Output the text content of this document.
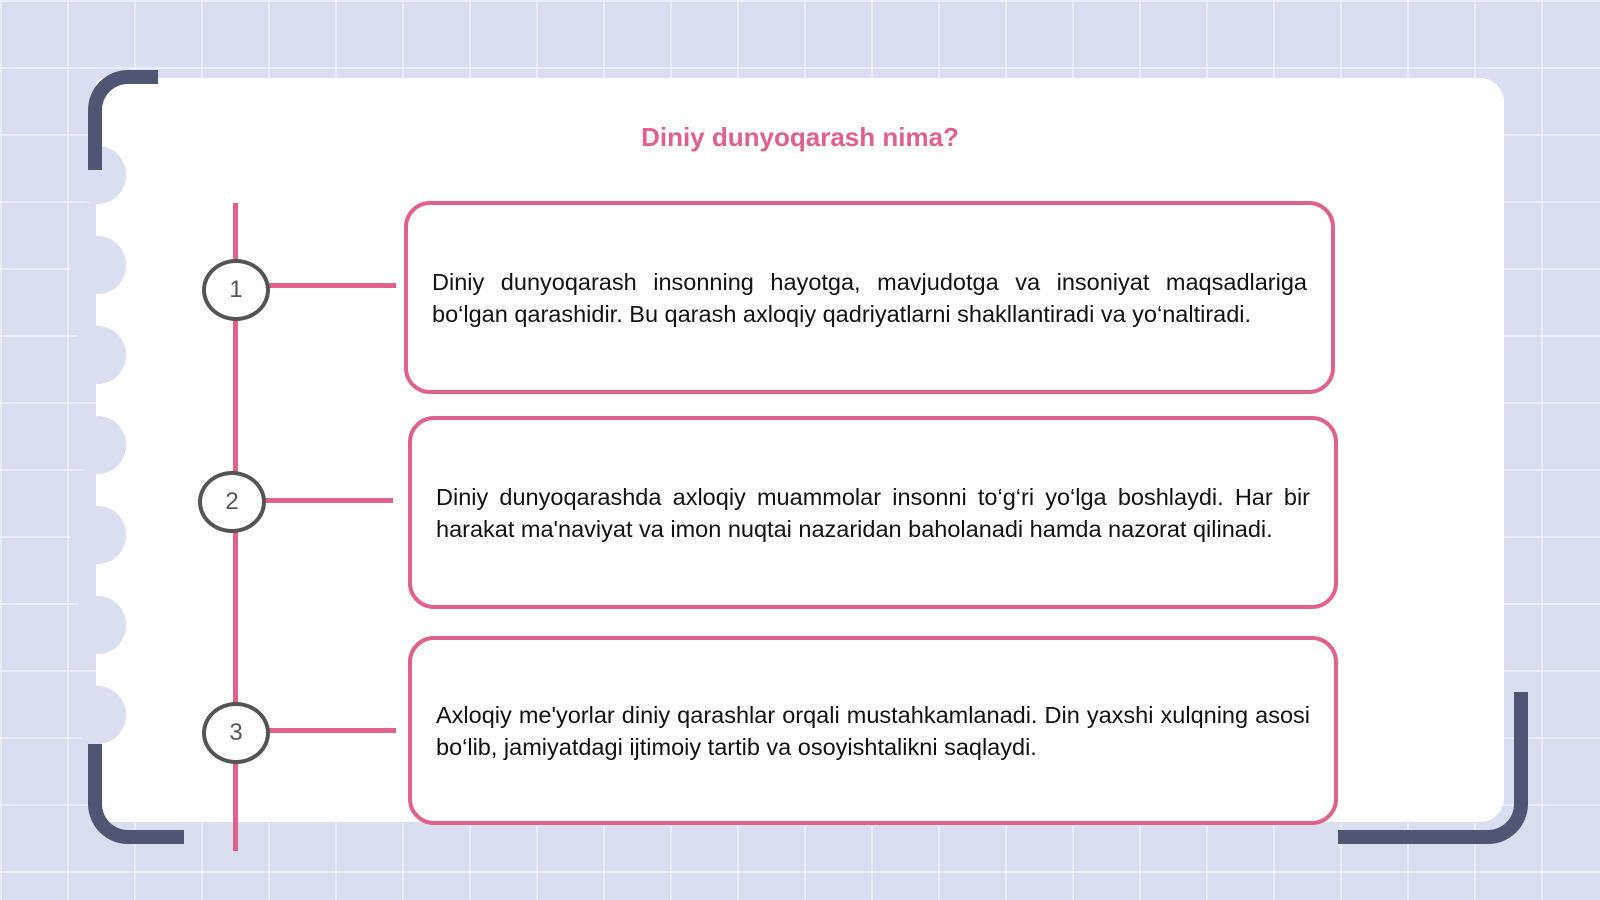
Diniy dunyoqarash nima?
1
2
3

Diniy dunyoqarash insonning hayotga, mavjudotga va insoniyat maqsadlariga bo‘lgan qarashidir. Bu qarash axloqiy qadriyatlarni shakllantiradi va yo‘naltiradi.

Diniy dunyoqarashda axloqiy muammolar insonni to‘g‘ri yo‘lga boshlaydi. Har bir harakat ma'naviyat va imon nuqtai nazaridan baholanadi hamda nazorat qilinadi.

Axloqiy me'yorlar diniy qarashlar orqali mustahkamlanadi. Din yaxshi xulqning asosi bo‘lib, jamiyatdagi ijtimoiy tartib va osoyishtalikni saqlaydi.
